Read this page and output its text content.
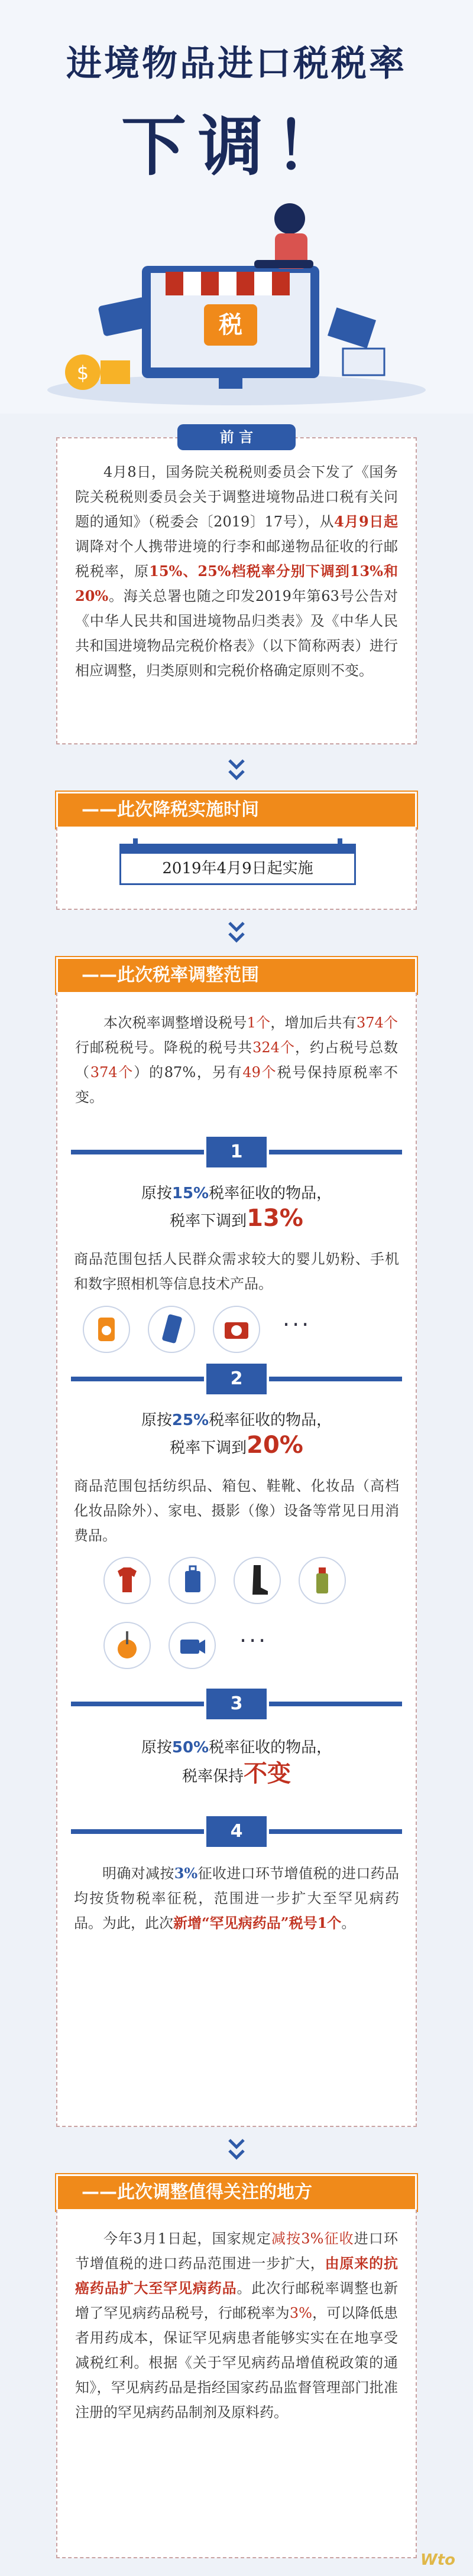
进境物品进口税税率
下调！
$
税
4月8日，国务院关税税则委员会下发了《国务院关税税则委员会关于调整进境物品进口税有关问题的通知》（税委会〔2019〕17号），从4月9日起调降对个人携带进境的行李和邮递物品征收的行邮税税率，原15%、25%档税率分别下调到13%和20%。海关总署也随之印发2019年第63号公告对《中华人民共和国进境物品归类表》及《中华人民共和国进境物品完税价格表》（以下简称两表）进行相应调整，归类原则和完税价格确定原则不变。
前 言
——此次降税实施时间
2019年4月9日起实施
——此次税率调整范围
本次税率调整增设税号1个，增加后共有374个行邮税税号。降税的税号共324个，约占税号总数（374个）的87%，另有49个税号保持原税率不变。
1
原按15%税率征收的物品，
税率下调到13%
商品范围包括人民群众需求较大的婴儿奶粉、手机和数字照相机等信息技术产品。
···
2
原按25%税率征收的物品，
税率下调到20%
商品范围包括纺织品、箱包、鞋靴、化妆品（高档化妆品除外）、家电、摄影（像）设备等常见日用消费品。
···
3
原按50%税率征收的物品，
税率保持不变
4
明确对减按3%征收进口环节增值税的进口药品均按货物税率征税，范围进一步扩大至罕见病药品。为此，此次新增“罕见病药品”税号1个。
——此次调整值得关注的地方
今年3月1日起，国家规定减按3%征收进口环节增值税的进口药品范围进一步扩大，由原来的抗癌药品扩大至罕见病药品。此次行邮税率调整也新增了罕见病药品税号，行邮税率为3%，可以降低患者用药成本，保证罕见病患者能够实实在在地享受减税红利。根据《关于罕见病药品增值税政策的通知》，罕见病药品是指经国家药品监督管理部门批准注册的罕见病药品制剂及原料药。
Wto
